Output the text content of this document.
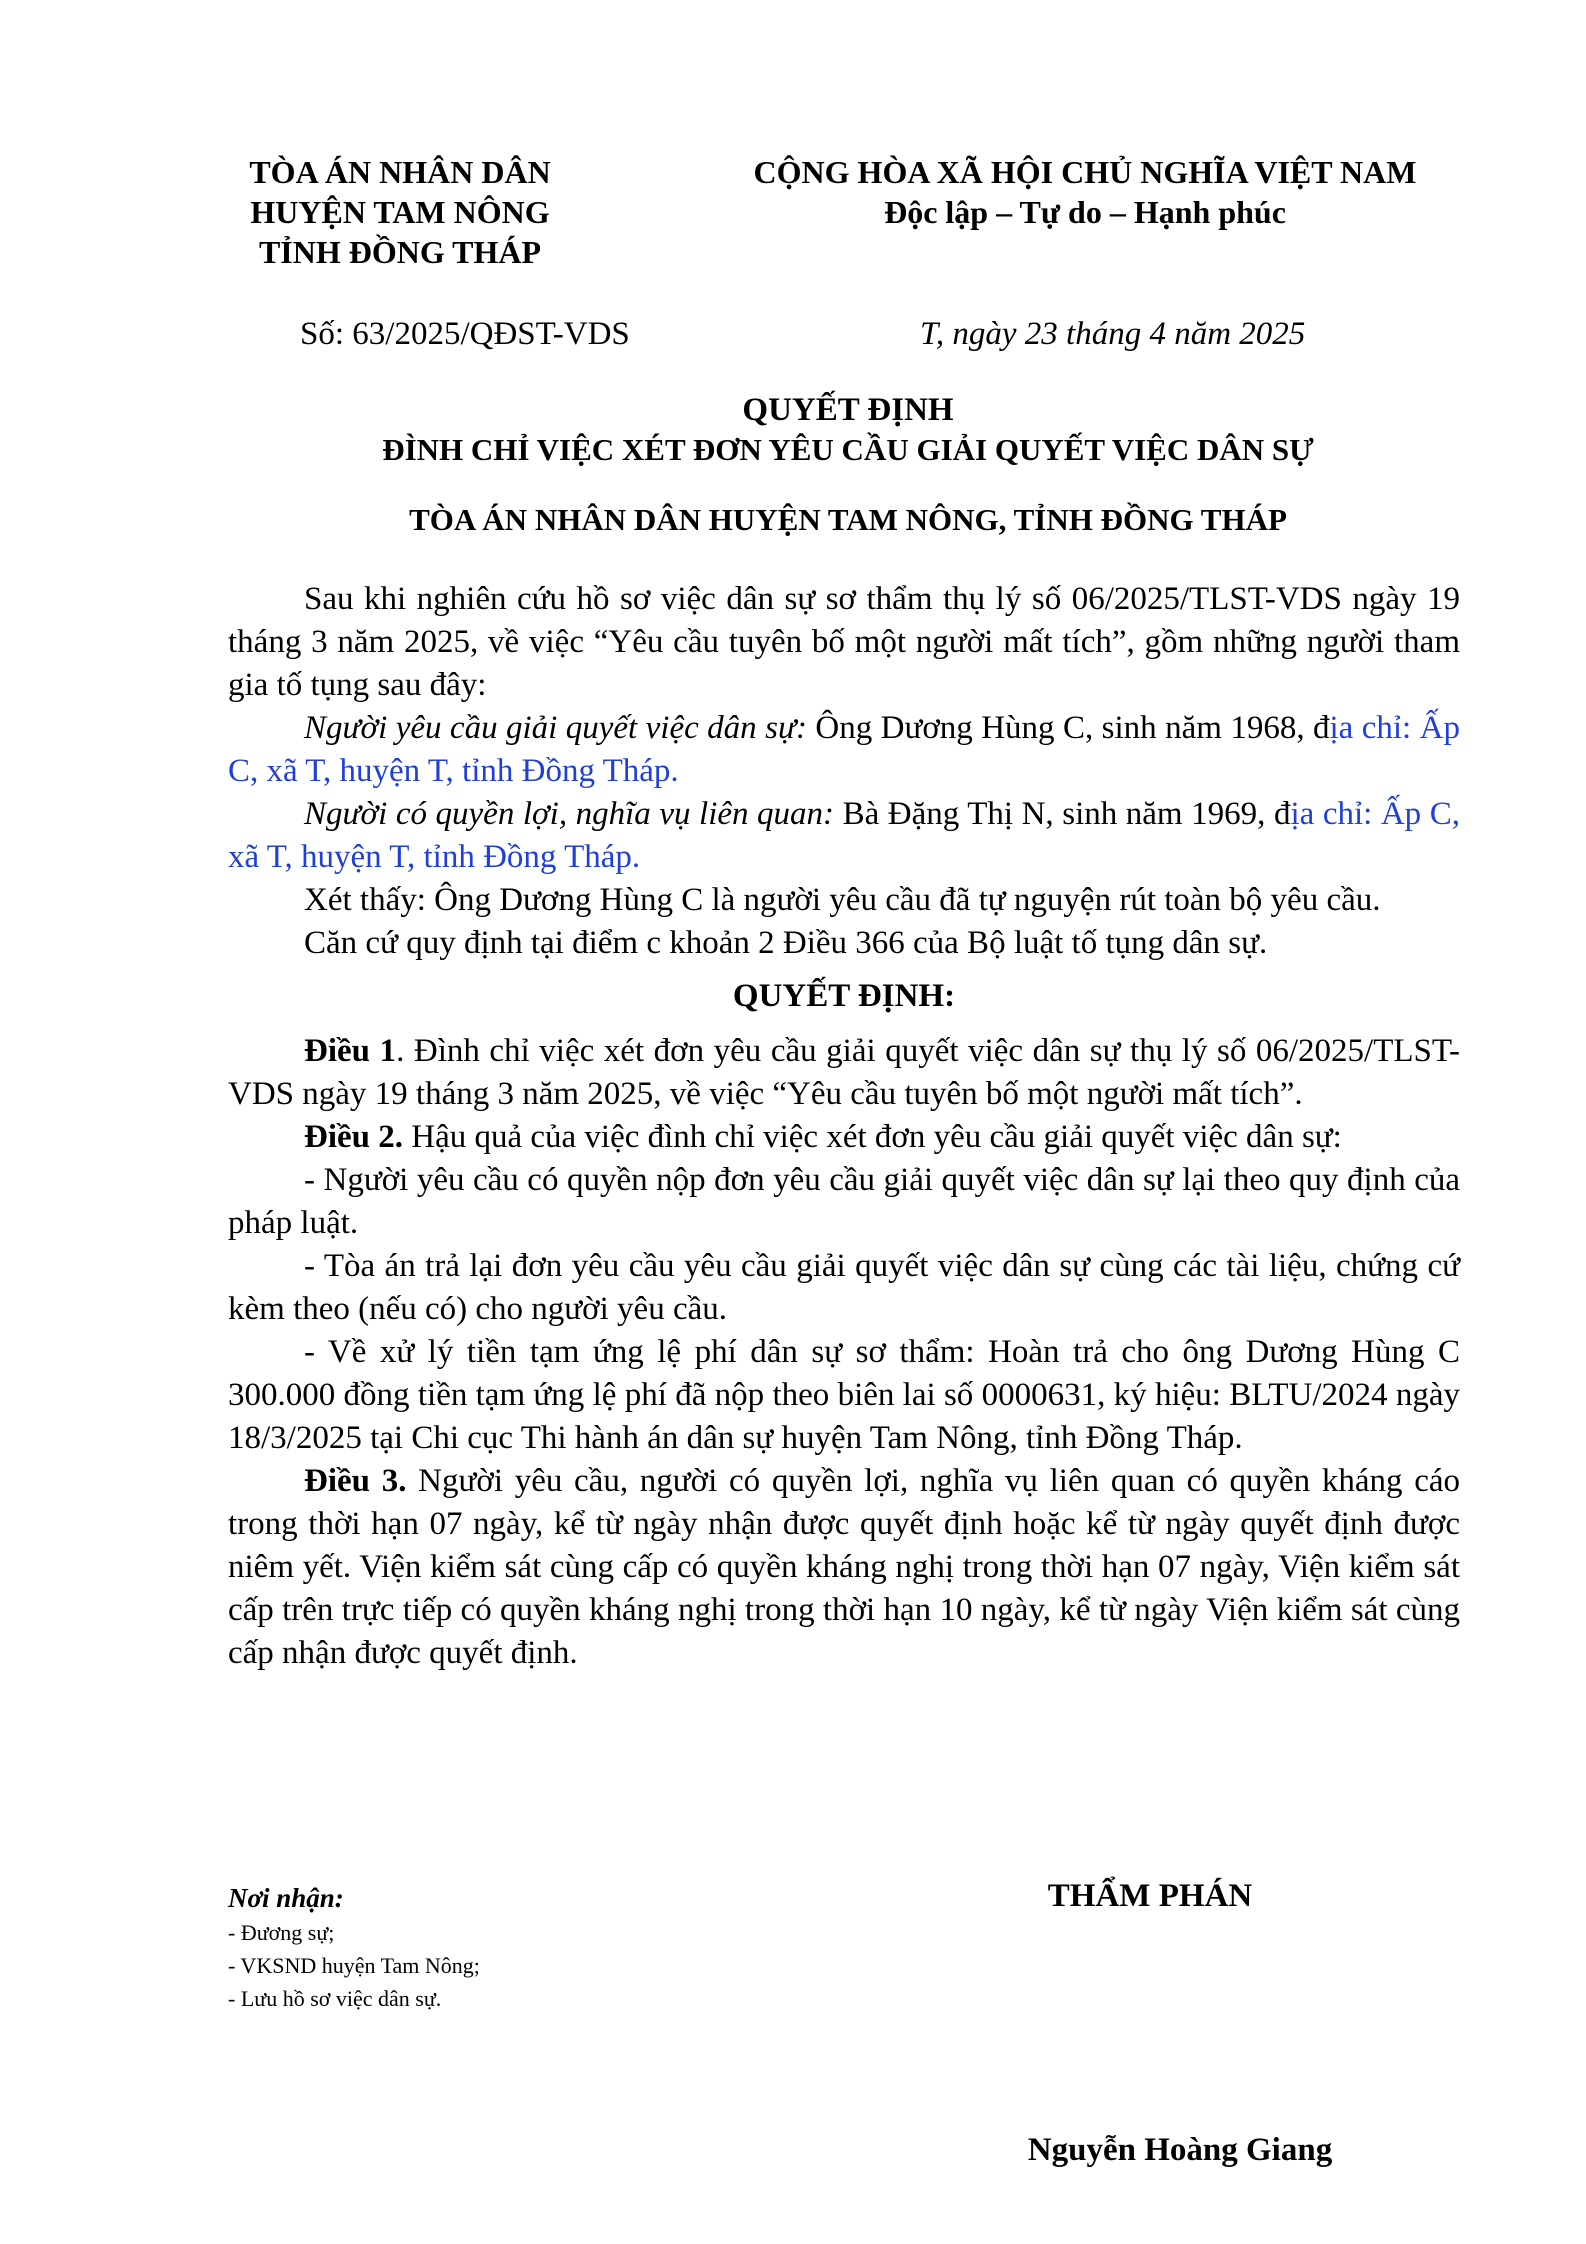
TÒA ÁN NHÂN DÂN
HUYỆN TAM NÔNG
TỈNH ĐỒNG THÁP
CỘNG HÒA XÃ HỘI CHỦ NGHĨA VIỆT NAM
Độc lập – Tự do – Hạnh phúc
Số: 63/2025/QĐST-VDS	T, ngày 23 tháng 4 năm 2025
QUYẾT ĐỊNH
ĐÌNH CHỈ VIỆC XÉT ĐƠN YÊU CẦU GIẢI QUYẾT VIỆC DÂN SỰ
TÒA ÁN NHÂN DÂN HUYỆN TAM NÔNG, TỈNH ĐỒNG THÁP

Sau khi nghiên cứu hồ sơ việc dân sự sơ thẩm thụ lý số 06/2025/TLST-VDS ngày 19 tháng 3 năm 2025, về việc “Yêu cầu tuyên bố một người mất tích”, gồm những người tham gia tố tụng sau đây:

Người yêu cầu giải quyết việc dân sự: Ông Dương Hùng C, sinh năm 1968, địa chỉ: Ấp C, xã T, huyện T, tỉnh Đồng Tháp.

Người có quyền lợi, nghĩa vụ liên quan: Bà Đặng Thị N, sinh năm 1969, địa chỉ: Ấp C, xã T, huyện T, tỉnh Đồng Tháp.

Xét thấy: Ông Dương Hùng C là người yêu cầu đã tự nguyện rút toàn bộ yêu cầu.

Căn cứ quy định tại điểm c khoản 2 Điều 366 của Bộ luật tố tụng dân sự.

QUYẾT ĐỊNH:

Điều 1. Đình chỉ việc xét đơn yêu cầu giải quyết việc dân sự thụ lý số 06/2025/TLST-VDS ngày 19 tháng 3 năm 2025, về việc “Yêu cầu tuyên bố một người mất tích”.

Điều 2. Hậu quả của việc đình chỉ việc xét đơn yêu cầu giải quyết việc dân sự:

- Người yêu cầu có quyền nộp đơn yêu cầu giải quyết việc dân sự lại theo quy định của pháp luật.

- Tòa án trả lại đơn yêu cầu yêu cầu giải quyết việc dân sự cùng các tài liệu, chứng cứ kèm theo (nếu có) cho người yêu cầu.

- Về xử lý tiền tạm ứng lệ phí dân sự sơ thẩm: Hoàn trả cho ông Dương Hùng C 300.000 đồng tiền tạm ứng lệ phí đã nộp theo biên lai số 0000631, ký hiệu: BLTU/2024 ngày 18/3/2025 tại Chi cục Thi hành án dân sự huyện Tam Nông, tỉnh Đồng Tháp.

Điều 3. Người yêu cầu, người có quyền lợi, nghĩa vụ liên quan có quyền kháng cáo trong thời hạn 07 ngày, kể từ ngày nhận được quyết định hoặc kể từ ngày quyết định được niêm yết. Viện kiểm sát cùng cấp có quyền kháng nghị trong thời hạn 07 ngày, Viện kiểm sát cấp trên trực tiếp có quyền kháng nghị trong thời hạn 10 ngày, kể từ ngày Viện kiểm sát cùng cấp nhận được quyết định.

Nơi nhận:
- Đương sự;
- VKSND huyện Tam Nông;
- Lưu hồ sơ việc dân sự.
THẨM PHÁN
Nguyễn Hoàng Giang
